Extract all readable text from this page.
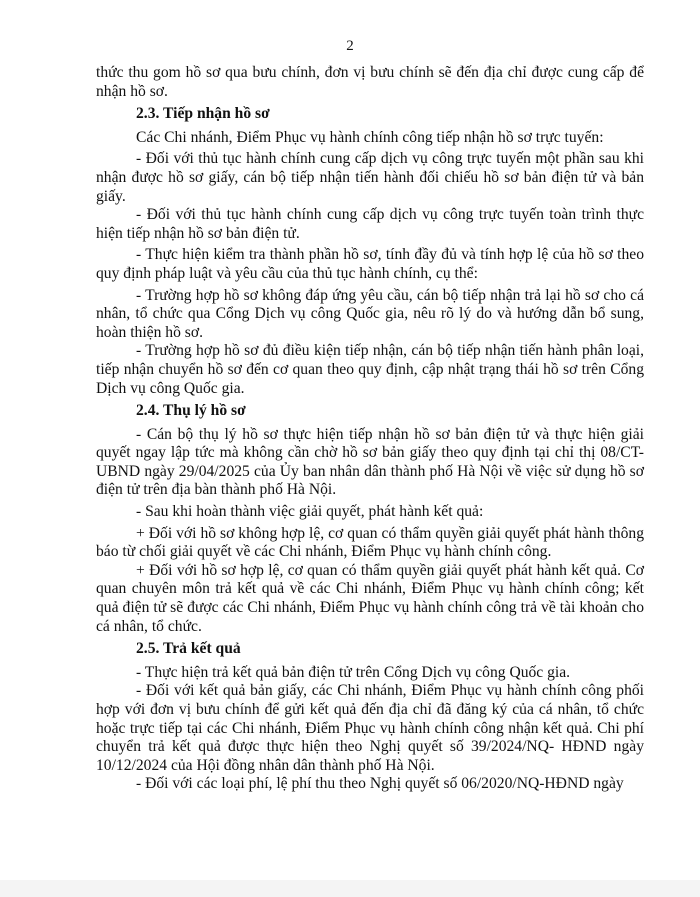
2

thức thu gom hồ sơ qua bưu chính, đơn vị bưu chính sẽ đến địa chỉ được cung cấp để nhận hồ sơ.

2.3. Tiếp nhận hồ sơ

Các Chi nhánh, Điểm Phục vụ hành chính công tiếp nhận hồ sơ trực tuyến:

- Đối với thủ tục hành chính cung cấp dịch vụ công trực tuyến một phần sau khi nhận được hồ sơ giấy, cán bộ tiếp nhận tiến hành đối chiếu hồ sơ bản điện tử và bản giấy.

- Đối với thủ tục hành chính cung cấp dịch vụ công trực tuyến toàn trình thực hiện tiếp nhận hồ sơ bản điện tử.

- Thực hiện kiểm tra thành phần hồ sơ, tính đầy đủ và tính hợp lệ của hồ sơ theo quy định pháp luật và yêu cầu của thủ tục hành chính, cụ thể:

- Trường hợp hồ sơ không đáp ứng yêu cầu, cán bộ tiếp nhận trả lại hồ sơ cho cá nhân, tổ chức qua Cổng Dịch vụ công Quốc gia, nêu rõ lý do và hướng dẫn bổ sung, hoàn thiện hồ sơ.

- Trường hợp hồ sơ đủ điều kiện tiếp nhận, cán bộ tiếp nhận tiến hành phân loại, tiếp nhận chuyển hồ sơ đến cơ quan theo quy định, cập nhật trạng thái hồ sơ trên Cổng Dịch vụ công Quốc gia.

2.4. Thụ lý hồ sơ

- Cán bộ thụ lý hồ sơ thực hiện tiếp nhận hồ sơ bản điện tử và thực hiện giải quyết ngay lập tức mà không cần chờ hồ sơ bản giấy theo quy định tại chỉ thị 08/CT-UBND ngày 29/04/2025 của Ủy ban nhân dân thành phố Hà Nội về việc sử dụng hồ sơ điện tử trên địa bàn thành phố Hà Nội.

- Sau khi hoàn thành việc giải quyết, phát hành kết quả:

+ Đối với hồ sơ không hợp lệ, cơ quan có thẩm quyền giải quyết phát hành thông báo từ chối giải quyết về các Chi nhánh, Điểm Phục vụ hành chính công.

+ Đối với hồ sơ hợp lệ, cơ quan có thẩm quyền giải quyết phát hành kết quả. Cơ quan chuyên môn trả kết quả về các Chi nhánh, Điểm Phục vụ hành chính công; kết quả điện tử sẽ được các Chi nhánh, Điểm Phục vụ hành chính công trả về tài khoản cho cá nhân, tổ chức.

2.5. Trả kết quả

- Thực hiện trả kết quả bản điện tử trên Cổng Dịch vụ công Quốc gia.

- Đối với kết quả bản giấy, các Chi nhánh, Điểm Phục vụ hành chính công phối hợp với đơn vị bưu chính để gửi kết quả đến địa chỉ đã đăng ký của cá nhân, tổ chức hoặc trực tiếp tại các Chi nhánh, Điểm Phục vụ hành chính công nhận kết quả. Chi phí chuyển trả kết quả được thực hiện theo Nghị quyết số 39/2024/NQ- HĐND ngày 10/12/2024 của Hội đồng nhân dân thành phố Hà Nội.

- Đối với các loại phí, lệ phí thu theo Nghị quyết số 06/2020/NQ-HĐND ngày
